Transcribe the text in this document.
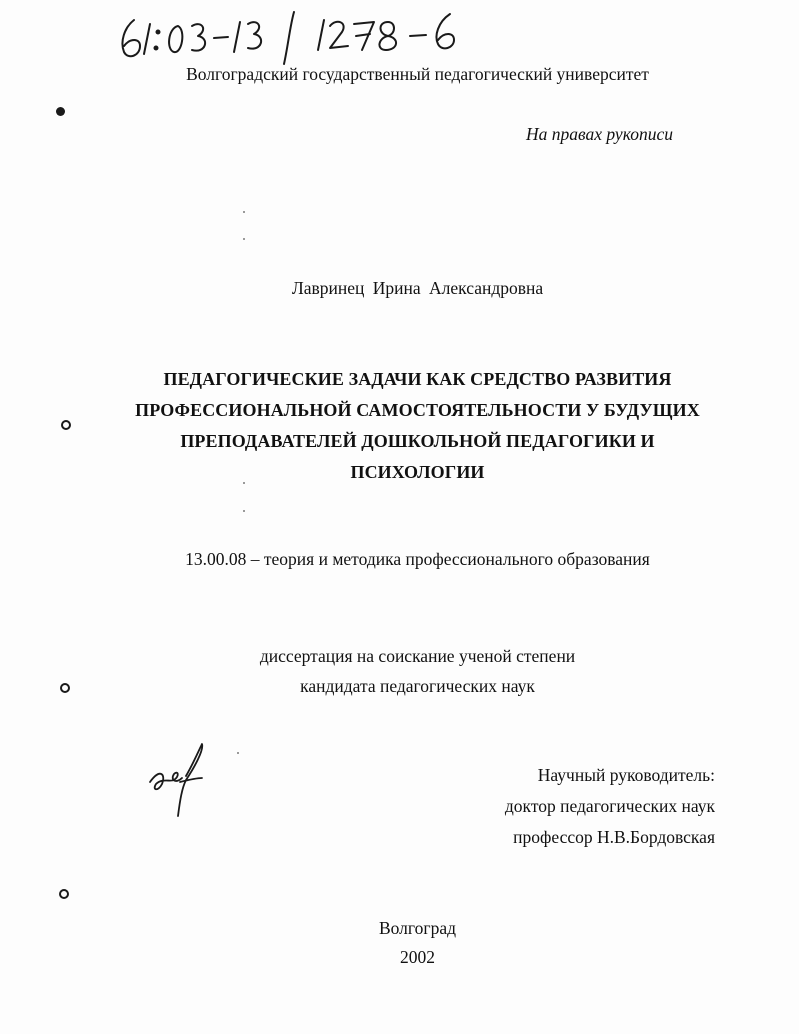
Волгоградский государственный педагогический университет
На правах рукописи
Лавринец Ирина Александровна
ПЕДАГОГИЧЕСКИЕ ЗАДАЧИ КАК СРЕДСТВО РАЗВИТИЯ
ПРОФЕССИОНАЛЬНОЙ САМОСТОЯТЕЛЬНОСТИ У БУДУЩИХ
ПРЕПОДАВАТЕЛЕЙ ДОШКОЛЬНОЙ ПЕДАГОГИКИ И
ПСИХОЛОГИИ
13.00.08 – теория и методика профессионального образования
диссертация на соискание ученой степени
кандидата педагогических наук
Научный руководитель:
доктор педагогических наук
профессор Н.В.Бордовская
Волгоград
2002
